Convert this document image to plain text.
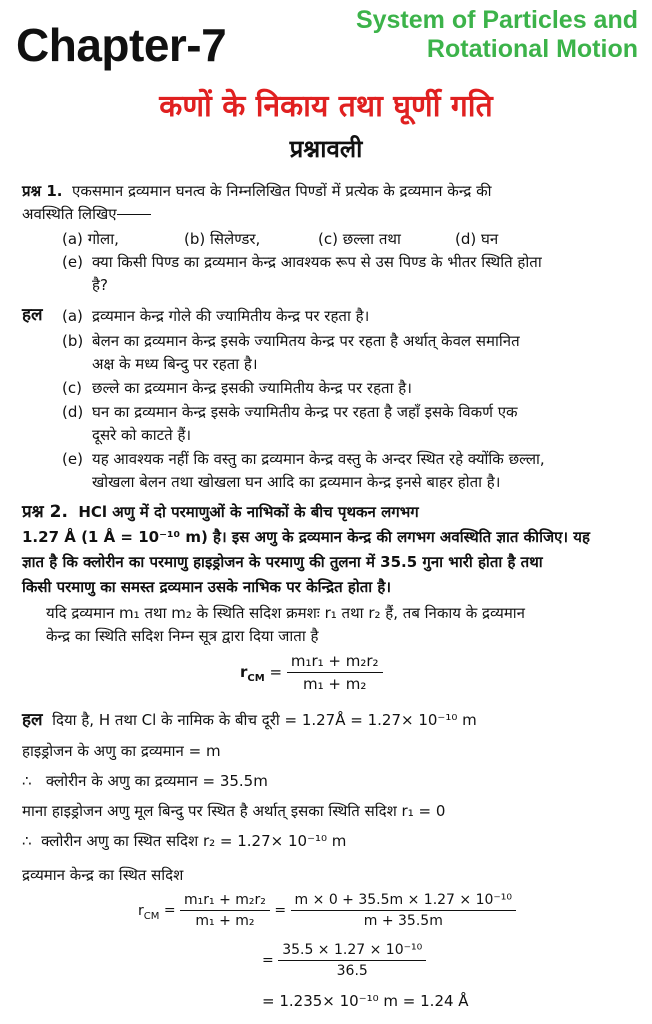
Chapter-7	System of Particles and
Rotational Motion
कणों के निकाय तथा घूर्णी गति
प्रश्नावली
प्रश्न 1. एकसमान द्रव्यमान घनत्व के निम्नलिखित पिण्डों में प्रत्येक के द्रव्यमान केन्द्र की
अवस्थिति लिखिए
(a) गोला,	(b) सिलेण्डर,	(c) छल्ला तथा	(d) घन
(e) क्या किसी पिण्ड का द्रव्यमान केन्द्र आवश्यक रूप से उस पिण्ड के भीतर स्थिति होता
है?
हल (a) द्रव्यमान केन्द्र गोले की ज्यामितीय केन्द्र पर रहता है।
(b) बेलन का द्रव्यमान केन्द्र इसके ज्यामितय केन्द्र पर रहता है अर्थात् केवल समानित
अक्ष के मध्य बिन्दु पर रहता है।
(c) छल्ले का द्रव्यमान केन्द्र इसकी ज्यामितीय केन्द्र पर रहता है।
(d) घन का द्रव्यमान केन्द्र इसके ज्यामितीय केन्द्र पर रहता है जहाँ इसके विकर्ण एक
दूसरे को काटते हैं।
(e) यह आवश्यक नहीं कि वस्तु का द्रव्यमान केन्द्र वस्तु के अन्दर स्थित रहे क्योंकि छल्ला,
खोखला बेलन तथा खोखला घन आदि का द्रव्यमान केन्द्र इनसे बाहर होता है।
प्रश्न 2. HCl अणु में दो परमाणुओं के नाभिकों के बीच पृथकन लगभग
1.27 Å (1 Å = 10⁻¹⁰ m) है। इस अणु के द्रव्यमान केन्द्र की लगभग अवस्थिति ज्ञात कीजिए। यह
ज्ञात है कि क्लोरीन का परमाणु हाइड्रोजन के परमाणु की तुलना में 35.5 गुना भारी होता है तथा
किसी परमाणु का समस्त द्रव्यमान उसके नाभिक पर केन्द्रित होता है।
यदि द्रव्यमान m₁ तथा m₂ के स्थिति सदिश क्रमशः r₁ तथा r₂ हैं, तब निकाय के द्रव्यमान
केन्द्र का स्थिति सदिश निम्न सूत्र द्वारा दिया जाता है
$r_{CM} = \frac{\text{m₁r₁ + m₂r₂}}{\text{m₁ + m₂}}$
हल दिया है, H तथा Cl के नामिक के बीच दूरी = 1.27Å = 1.27× 10⁻¹⁰ m
हाइड्रोजन के अणु का द्रव्यमान = m
∴ क्लोरीन के अणु का द्रव्यमान = 35.5m
माना हाइड्रोजन अणु मूल बिन्दु पर स्थित है अर्थात् इसका स्थिति सदिश r₁ = 0
∴ क्लोरीन अणु का स्थित सदिश r₂ = 1.27× 10⁻¹⁰ m
द्रव्यमान केन्द्र का स्थित सदिश
$r_{CM} = \frac{\text{m₁r₁ + m₂r₂}}{\text{m₁ + m₂}} = \frac{\text{m × 0 + 35.5m × 1.27 × 10⁻¹⁰}}{m + 35.5m}$
= $\frac{\text{35.5 × 1.27 × 10⁻¹⁰}}{36.5}$
= 1.235× 10⁻¹⁰ m = 1.24 Å
